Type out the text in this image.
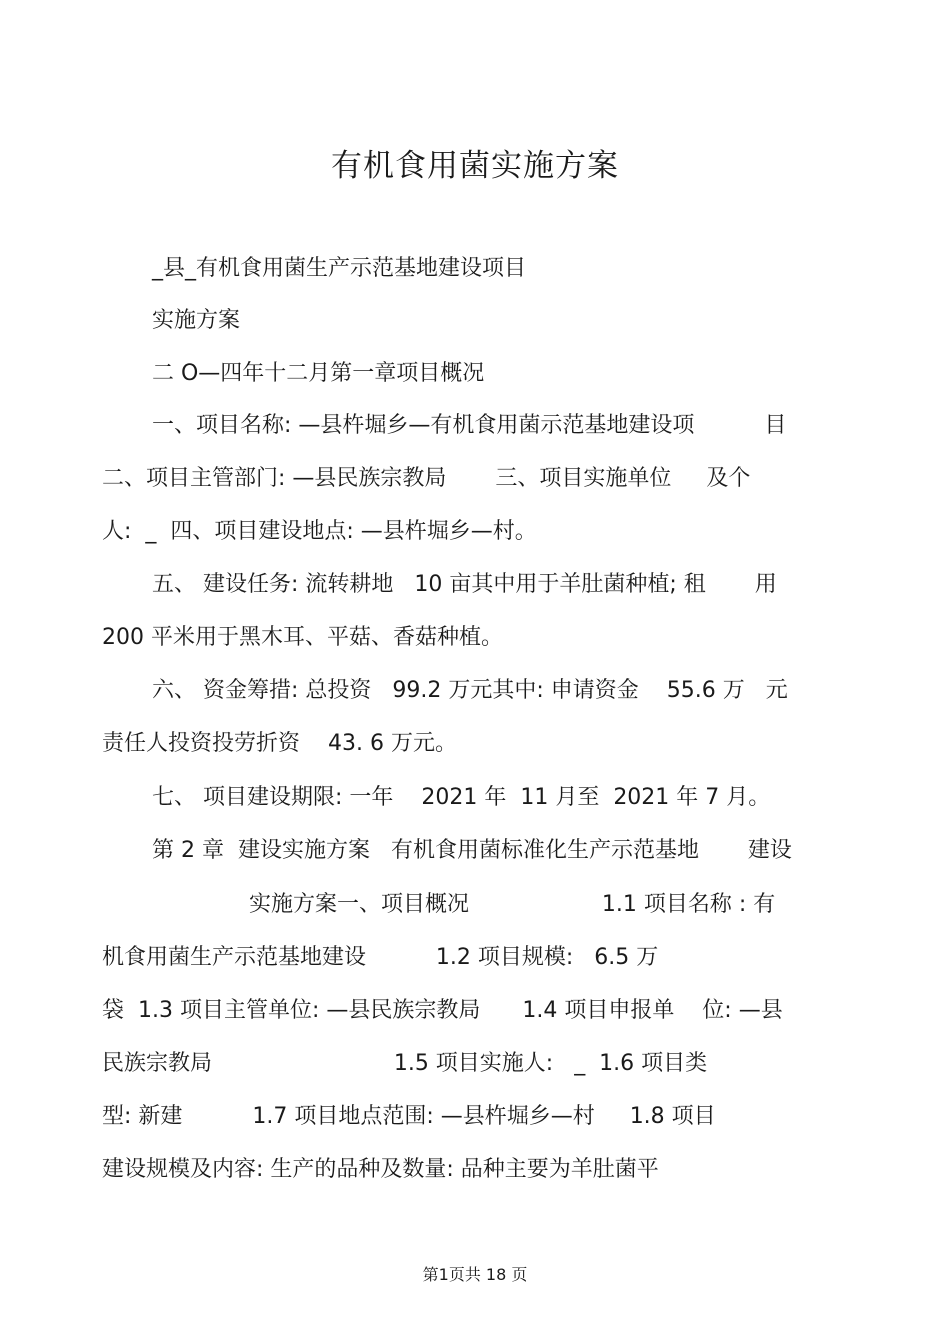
有机食用菌实施方案
_县_有机食用菌生产示范基地建设项目
实施方案
二 O—四年十二月第一章项目概况
一、项目名称: —县杵堀乡—有机食用菌示范基地建设项          目
二、项目主管部门: —县民族宗教局       三、项目实施单位     及个
人:  _  四、项目建设地点: —县杵堀乡—村。
五、 建设任务: 流转耕地   10 亩其中用于羊肚菌种植; 租       用
200 平米用于黑木耳、平菇、香菇种植。
六、 资金筹措: 总投资   99.2 万元其中: 申请资金    55.6 万   元
责任人投资投劳折资    43. 6 万元。
七、 项目建设期限: 一年    2021 年  11 月至  2021 年 7 月。
第 2 章  建设实施方案   有机食用菌标准化生产示范基地       建设
实施方案一、项目概况                   1.1 项目名称 : 有
机食用菌生产示范基地建设          1.2 项目规模:   6.5 万
袋  1.3 项目主管单位: —县民族宗教局      1.4 项目申报单    位: —县
民族宗教局                          1.5 项目实施人:   _  1.6 项目类
型: 新建          1.7 项目地点范围: —县杵堀乡—村     1.8 项目
建设规模及内容: 生产的品种及数量: 品种主要为羊肚菌平
第1页共 18 页
